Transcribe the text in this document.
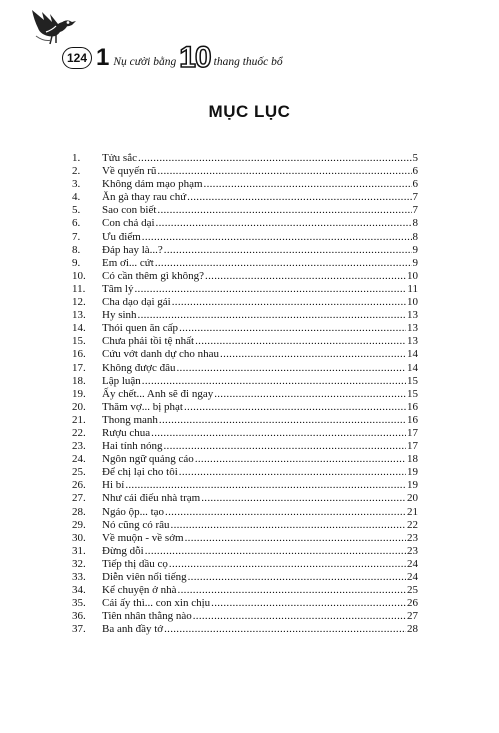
124 1 Nụ cười bằng 10 thang thuốc bổ
MỤC LỤC
1.	Tửu sắc .....	5
2.	Về quyến rũ .....	6
3.	Không dám mạo phạm .....	6
4.	Ăn gà thay rau chứ .....	7
5.	Sao con biết .....	7
6.	Con chả dại .....	8
7.	Ưu điểm .....	8
8.	Đáp hay là...? .....	9
9.	Em ơi... cứt .....	9
10.	Có cần thêm gì không? .....	10
11.	Tâm lý .....	11
12.	Cha dạo dại gái .....	10
13.	Hy sinh .....	13
14.	Thói quen ăn cấp .....	13
15.	Chưa phải tồi tệ nhất .....	13
16.	Cứu vớt danh dự cho nhau .....	14
17.	Không được đâu .....	14
18.	Lập luận .....	15
19.	Ấy chết... Anh sẽ đi ngay .....	15
20.	Thăm vợ... bị phạt .....	16
21.	Thong manh .....	16
22.	Rượu chua .....	17
23.	Hai tính nóng .....	17
24.	Ngôn ngữ quảng cáo .....	18
25.	Để chị lại cho tôi .....	19
26.	Hi bí .....	19
27.	Như cái điếu nhà trạm .....	20
28.	Ngáo ộp... tạo .....	21
29.	Nó cũng có râu .....	22
30.	Về muộn - về sớm .....	23
31.	Đừng dỗi .....	23
32.	Tiếp thị dầu cọ .....	24
33.	Diễn viên nổi tiếng .....	24
34.	Kể chuyện ở nhà .....	25
35.	Cái ấy thì... con xin chịu .....	26
36.	Tiên nhân thằng nào .....	27
37.	Ba anh đầy tớ .....	28
